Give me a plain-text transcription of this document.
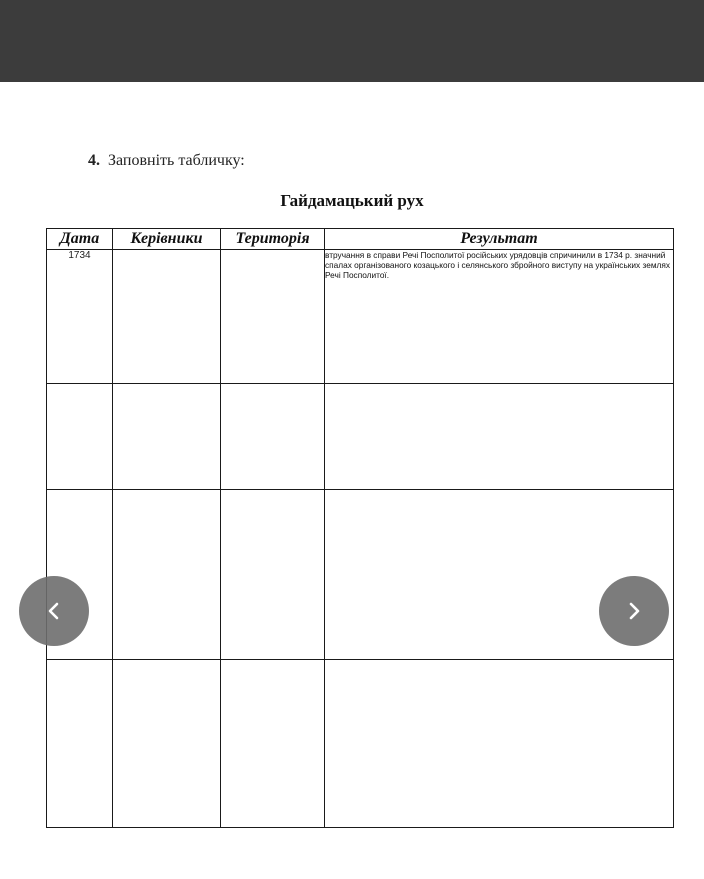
4. Заповніть табличку:
Гайдамацький рух
Дата	Керівники	Територія	Результат
1734			втручання в справи Речі Посполитої російських урядовців спричинили в 1734 р. значний спалах організованого козацького і селянського збройного виступу на українських землях Речі Посполитої.
